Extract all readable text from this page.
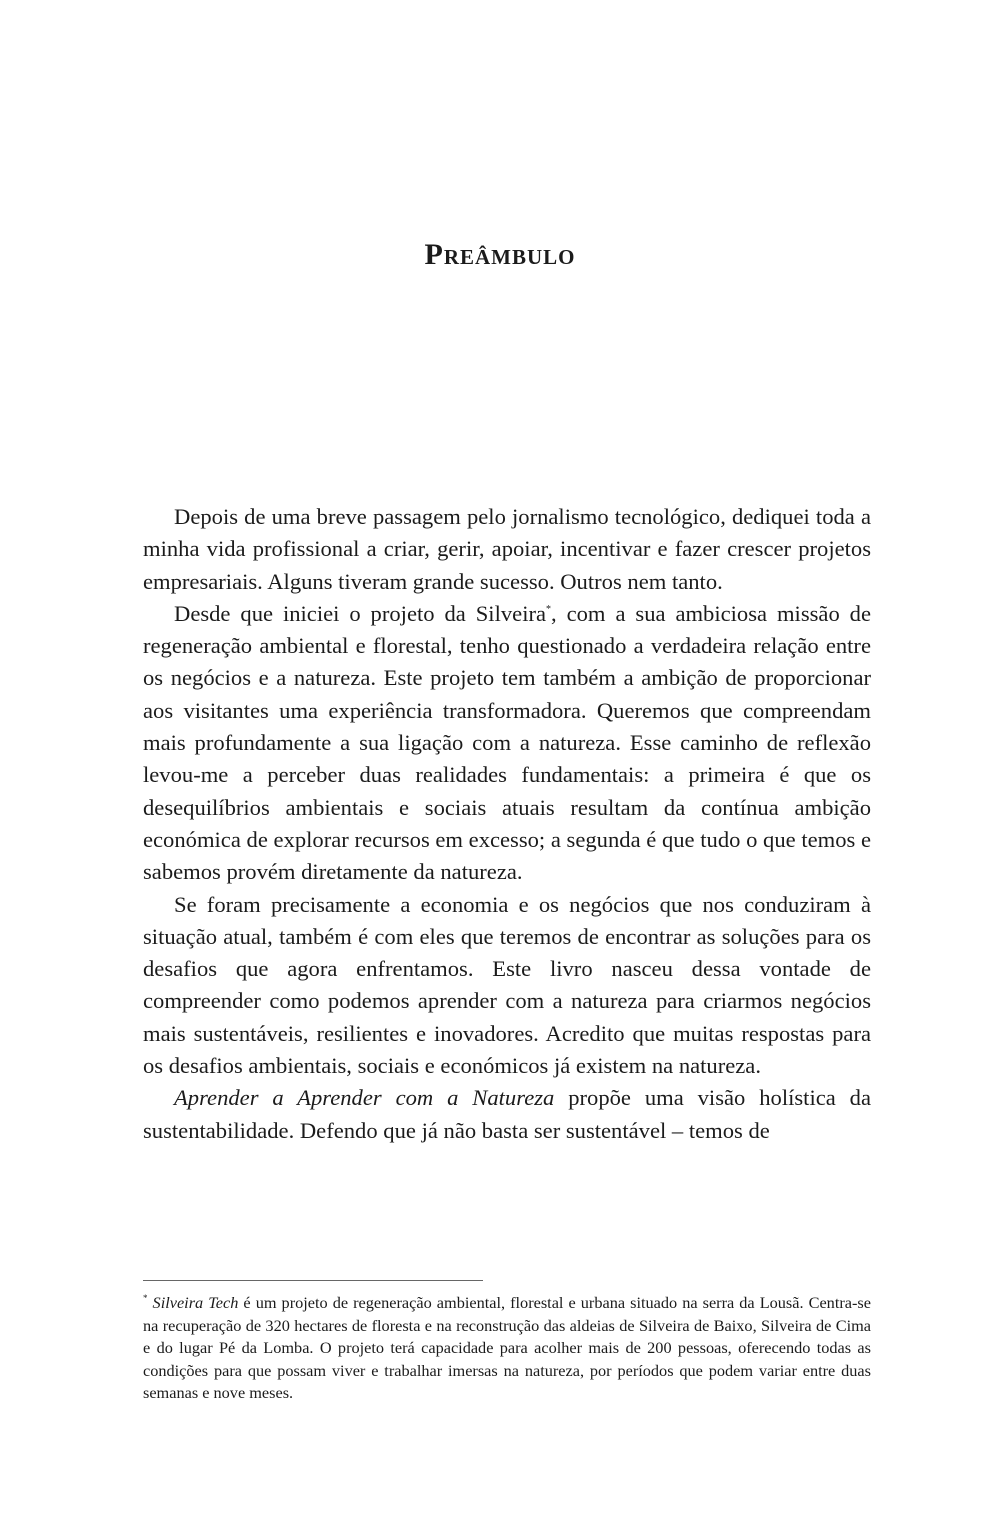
Preâmbulo

Depois de uma breve passagem pelo jornalismo tecnológico, dediquei toda a minha vida profissional a criar, gerir, apoiar, incentivar e fazer crescer projetos empresariais. Alguns tiveram grande sucesso. Outros nem tanto.

Desde que iniciei o projeto da Silveira*, com a sua ambiciosa missão de regeneração ambiental e florestal, tenho questionado a verdadeira relação entre os negócios e a natureza. Este projeto tem também a ambição de proporcionar aos visitantes uma experiência transformadora. Queremos que compreendam mais profundamente a sua ligação com a natureza. Esse caminho de reflexão levou-me a perceber duas realidades fundamentais: a primeira é que os desequilíbrios ambientais e sociais atuais resultam da contínua ambição económica de explorar recursos em excesso; a segunda é que tudo o que temos e sabemos provém diretamente da natureza.

Se foram precisamente a economia e os negócios que nos conduziram à situação atual, também é com eles que teremos de encontrar as soluções para os desafios que agora enfrentamos. Este livro nasceu dessa vontade de compreender como podemos aprender com a natureza para criarmos negócios mais sustentáveis, resilientes e inovadores. Acredito que muitas respostas para os desafios ambientais, sociais e económicos já existem na natureza.

Aprender a Aprender com a Natureza propõe uma visão holística da sustentabilidade. Defendo que já não basta ser sustentável – temos de

* Silveira Tech é um projeto de regeneração ambiental, florestal e urbana situado na serra da Lousã. Centra-se na recuperação de 320 hectares de floresta e na reconstrução das aldeias de Silveira de Baixo, Silveira de Cima e do lugar Pé da Lomba. O projeto terá capacidade para acolher mais de 200 pessoas, oferecendo todas as condições para que possam viver e trabalhar imersas na natureza, por períodos que podem variar entre duas semanas e nove meses.
